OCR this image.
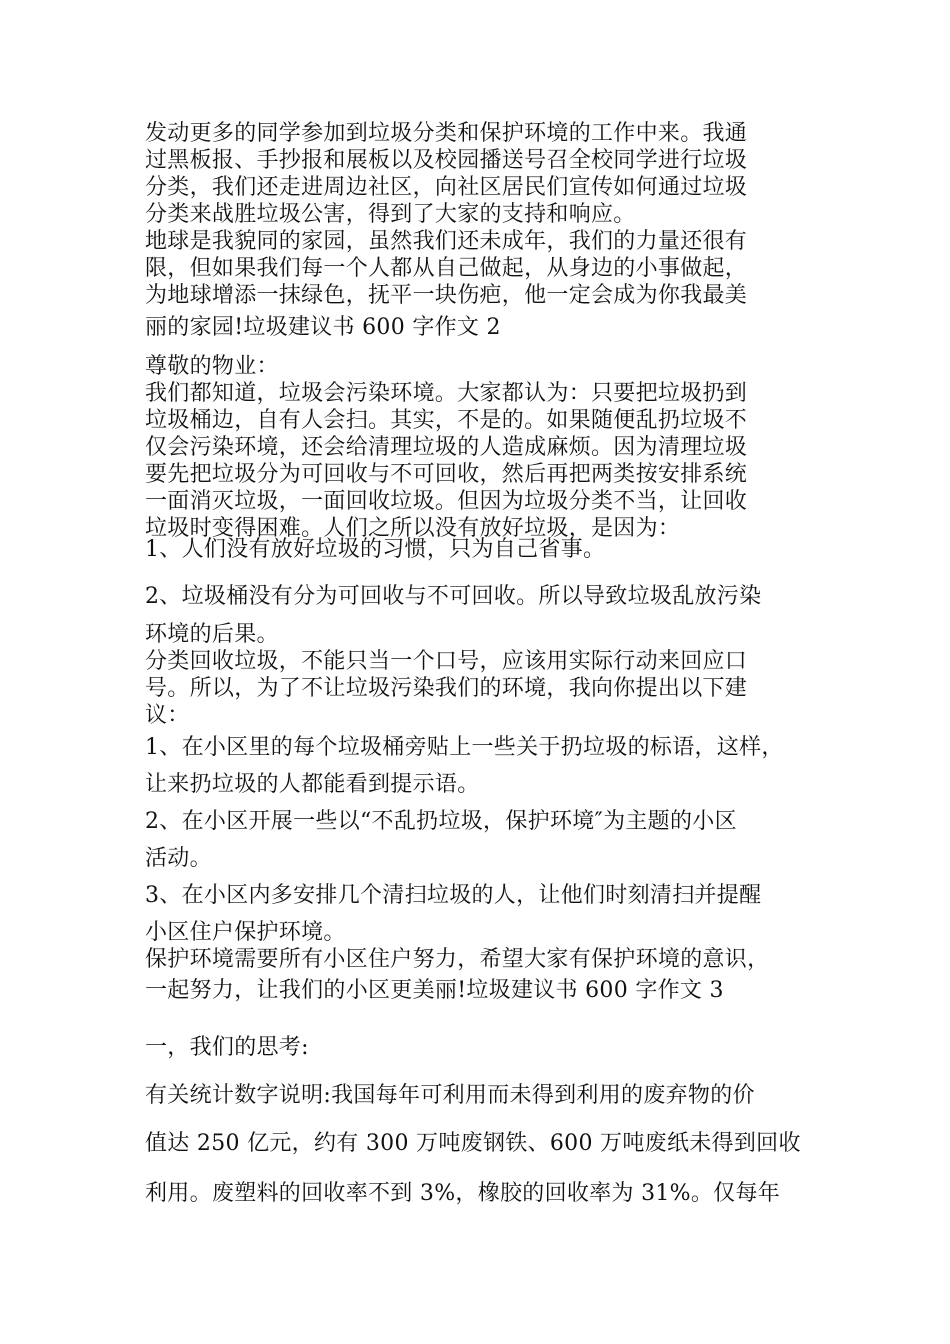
发动更多的同学参加到垃圾分类和保护环境的工作中来。我通
过黑板报、手抄报和展板以及校园播送号召全校同学进行垃圾
分类，我们还走进周边社区，向社区居民们宣传如何通过垃圾
分类来战胜垃圾公害，得到了大家的支持和响应。
地球是我貌同的家园，虽然我们还未成年，我们的力量还很有
限，但如果我们每一个人都从自己做起，从身边的小事做起，
为地球增添一抹绿色，抚平一块伤疤，他一定会成为你我最美
丽的家园!垃圾建议书 600 字作文 2
尊敬的物业：
我们都知道，垃圾会污染环境。大家都认为：只要把垃圾扔到
垃圾桶边，自有人会扫。其实，不是的。如果随便乱扔垃圾不
仅会污染环境，还会给清理垃圾的人造成麻烦。因为清理垃圾
要先把垃圾分为可回收与不可回收，然后再把两类按安排系统
一面消灭垃圾，一面回收垃圾。但因为垃圾分类不当，让回收
垃圾时变得困难。人们之所以没有放好垃圾，是因为：
1、人们没有放好垃圾的习惯，只为自己省事。
2、垃圾桶没有分为可回收与不可回收。所以导致垃圾乱放污染
环境的后果。
分类回收垃圾，不能只当一个口号，应该用实际行动来回应口
号。所以，为了不让垃圾污染我们的环境，我向你提出以下建
议：
1、在小区里的每个垃圾桶旁贴上一些关于扔垃圾的标语，这样，
让来扔垃圾的人都能看到提示语。
2、在小区开展一些以“不乱扔垃圾，保护环境″为主题的小区
活动。
3、在小区内多安排几个清扫垃圾的人，让他们时刻清扫并提醒
小区住户保护环境。
保护环境需要所有小区住户努力，希望大家有保护环境的意识，
一起努力，让我们的小区更美丽!垃圾建议书 600 字作文 3
一，我们的思考:
有关统计数字说明:我国每年可利用而未得到利用的废弃物的价
值达 250 亿元，约有 300 万吨废钢铁、600 万吨废纸未得到回收
利用。废塑料的回收率不到 3%，橡胶的回收率为 31%。仅每年
